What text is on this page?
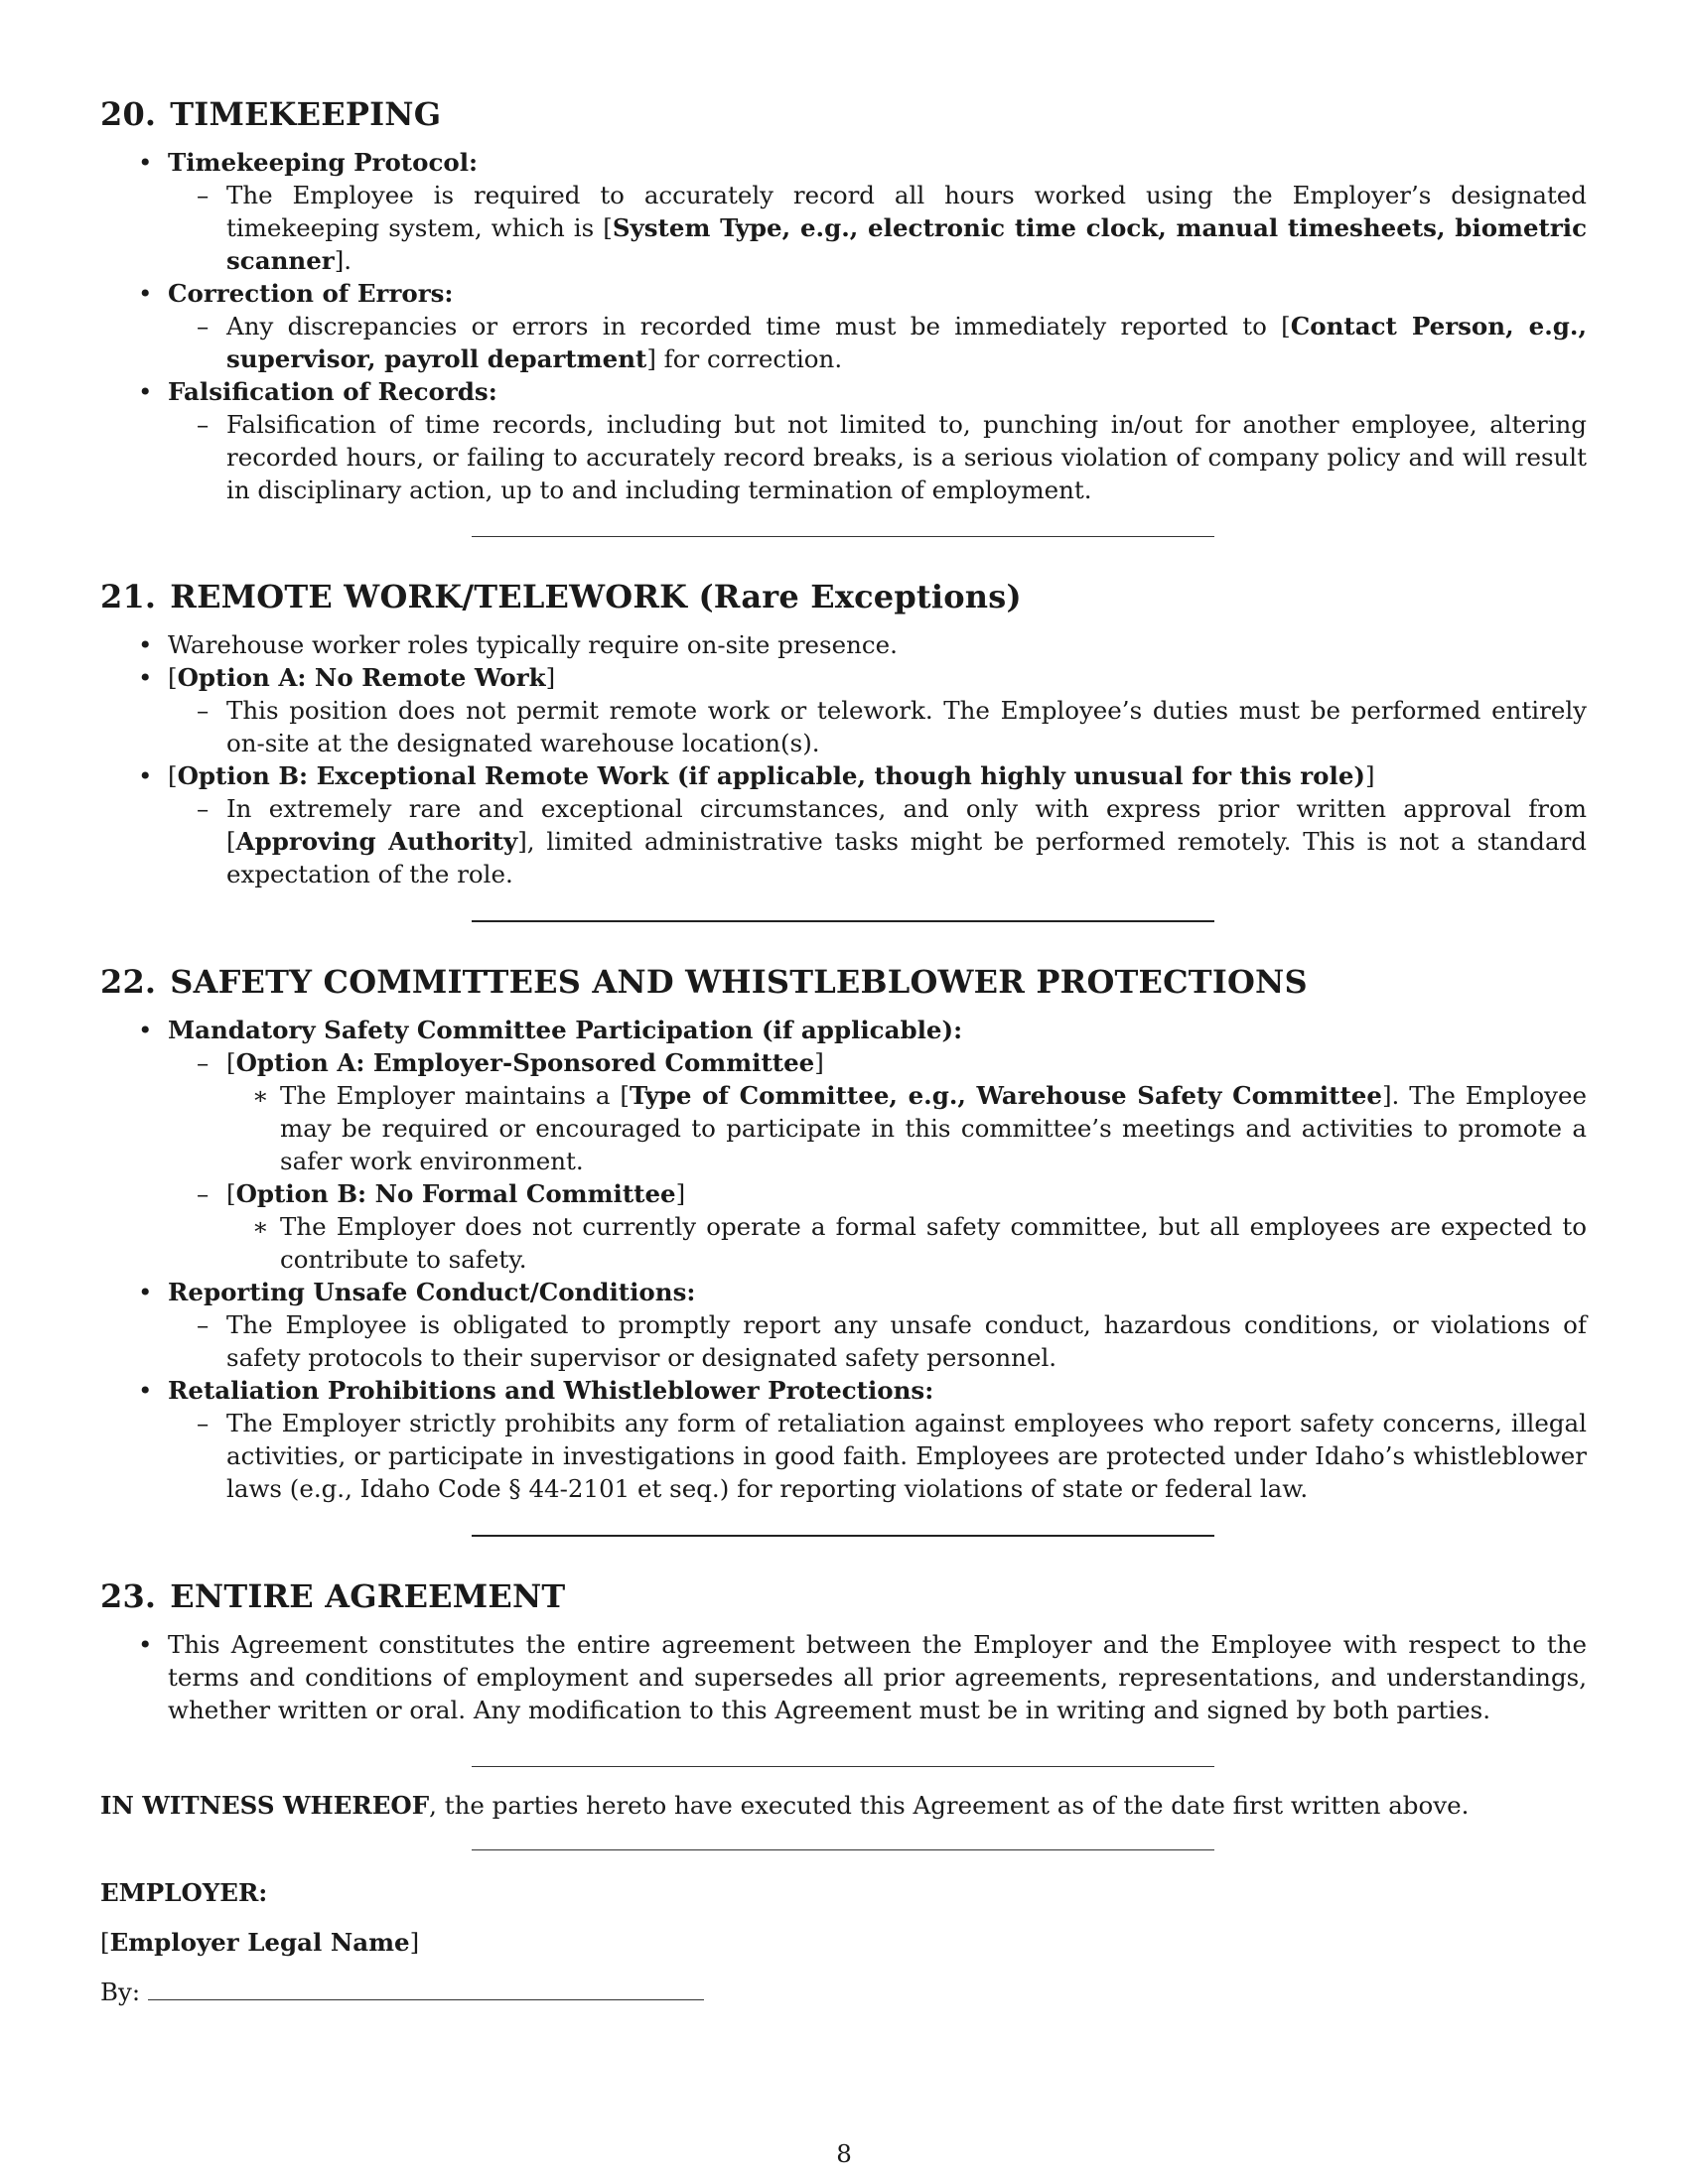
20. TIMEKEEPING
• Timekeeping Protocol:
– The Employee is required to accurately record all hours worked using the Employer’s designated timekeeping system, which is [System Type, e.g., electronic time clock, manual timesheets, biometric scanner].
• Correction of Errors:
– Any discrepancies or errors in recorded time must be immediately reported to [Contact Person, e.g., supervisor, payroll department] for correction.
• Falsification of Records:
– Falsification of time records, including but not limited to, punching in/out for another employee, altering recorded hours, or failing to accurately record breaks, is a serious violation of company policy and will result in disciplinary action, up to and including termination of employment.
21. REMOTE WORK/TELEWORK (Rare Exceptions)
• Warehouse worker roles typically require on-site presence.
• [Option A: No Remote Work]
– This position does not permit remote work or telework. The Employee’s duties must be performed entirely on-site at the designated warehouse location(s).
• [Option B: Exceptional Remote Work (if applicable, though highly unusual for this role)]
– In extremely rare and exceptional circumstances, and only with express prior written approval from [Approving Authority], limited administrative tasks might be performed remotely. This is not a standard expectation of the role.
22. SAFETY COMMITTEES AND WHISTLEBLOWER PROTECTIONS
• Mandatory Safety Committee Participation (if applicable):
– [Option A: Employer-Sponsored Committee]
∗ The Employer maintains a [Type of Committee, e.g., Warehouse Safety Committee]. The Employee may be required or encouraged to participate in this committee’s meetings and activities to promote a safer work environment.
– [Option B: No Formal Committee]
∗ The Employer does not currently operate a formal safety committee, but all employees are expected to contribute to safety.
• Reporting Unsafe Conduct/Conditions:
– The Employee is obligated to promptly report any unsafe conduct, hazardous conditions, or violations of safety protocols to their supervisor or designated safety personnel.
• Retaliation Prohibitions and Whistleblower Protections:
– The Employer strictly prohibits any form of retaliation against employees who report safety concerns, illegal activities, or participate in investigations in good faith. Employees are protected under Idaho’s whistleblower laws (e.g., Idaho Code § 44-2101 et seq.) for reporting violations of state or federal law.
23. ENTIRE AGREEMENT
• This Agreement constitutes the entire agreement between the Employer and the Employee with respect to the terms and conditions of employment and supersedes all prior agreements, representations, and understandings, whether written or oral. Any modification to this Agreement must be in writing and signed by both parties.

IN WITNESS WHEREOF, the parties hereto have executed this Agreement as of the date first written above.

EMPLOYER:

[Employer Legal Name]

By:

8
